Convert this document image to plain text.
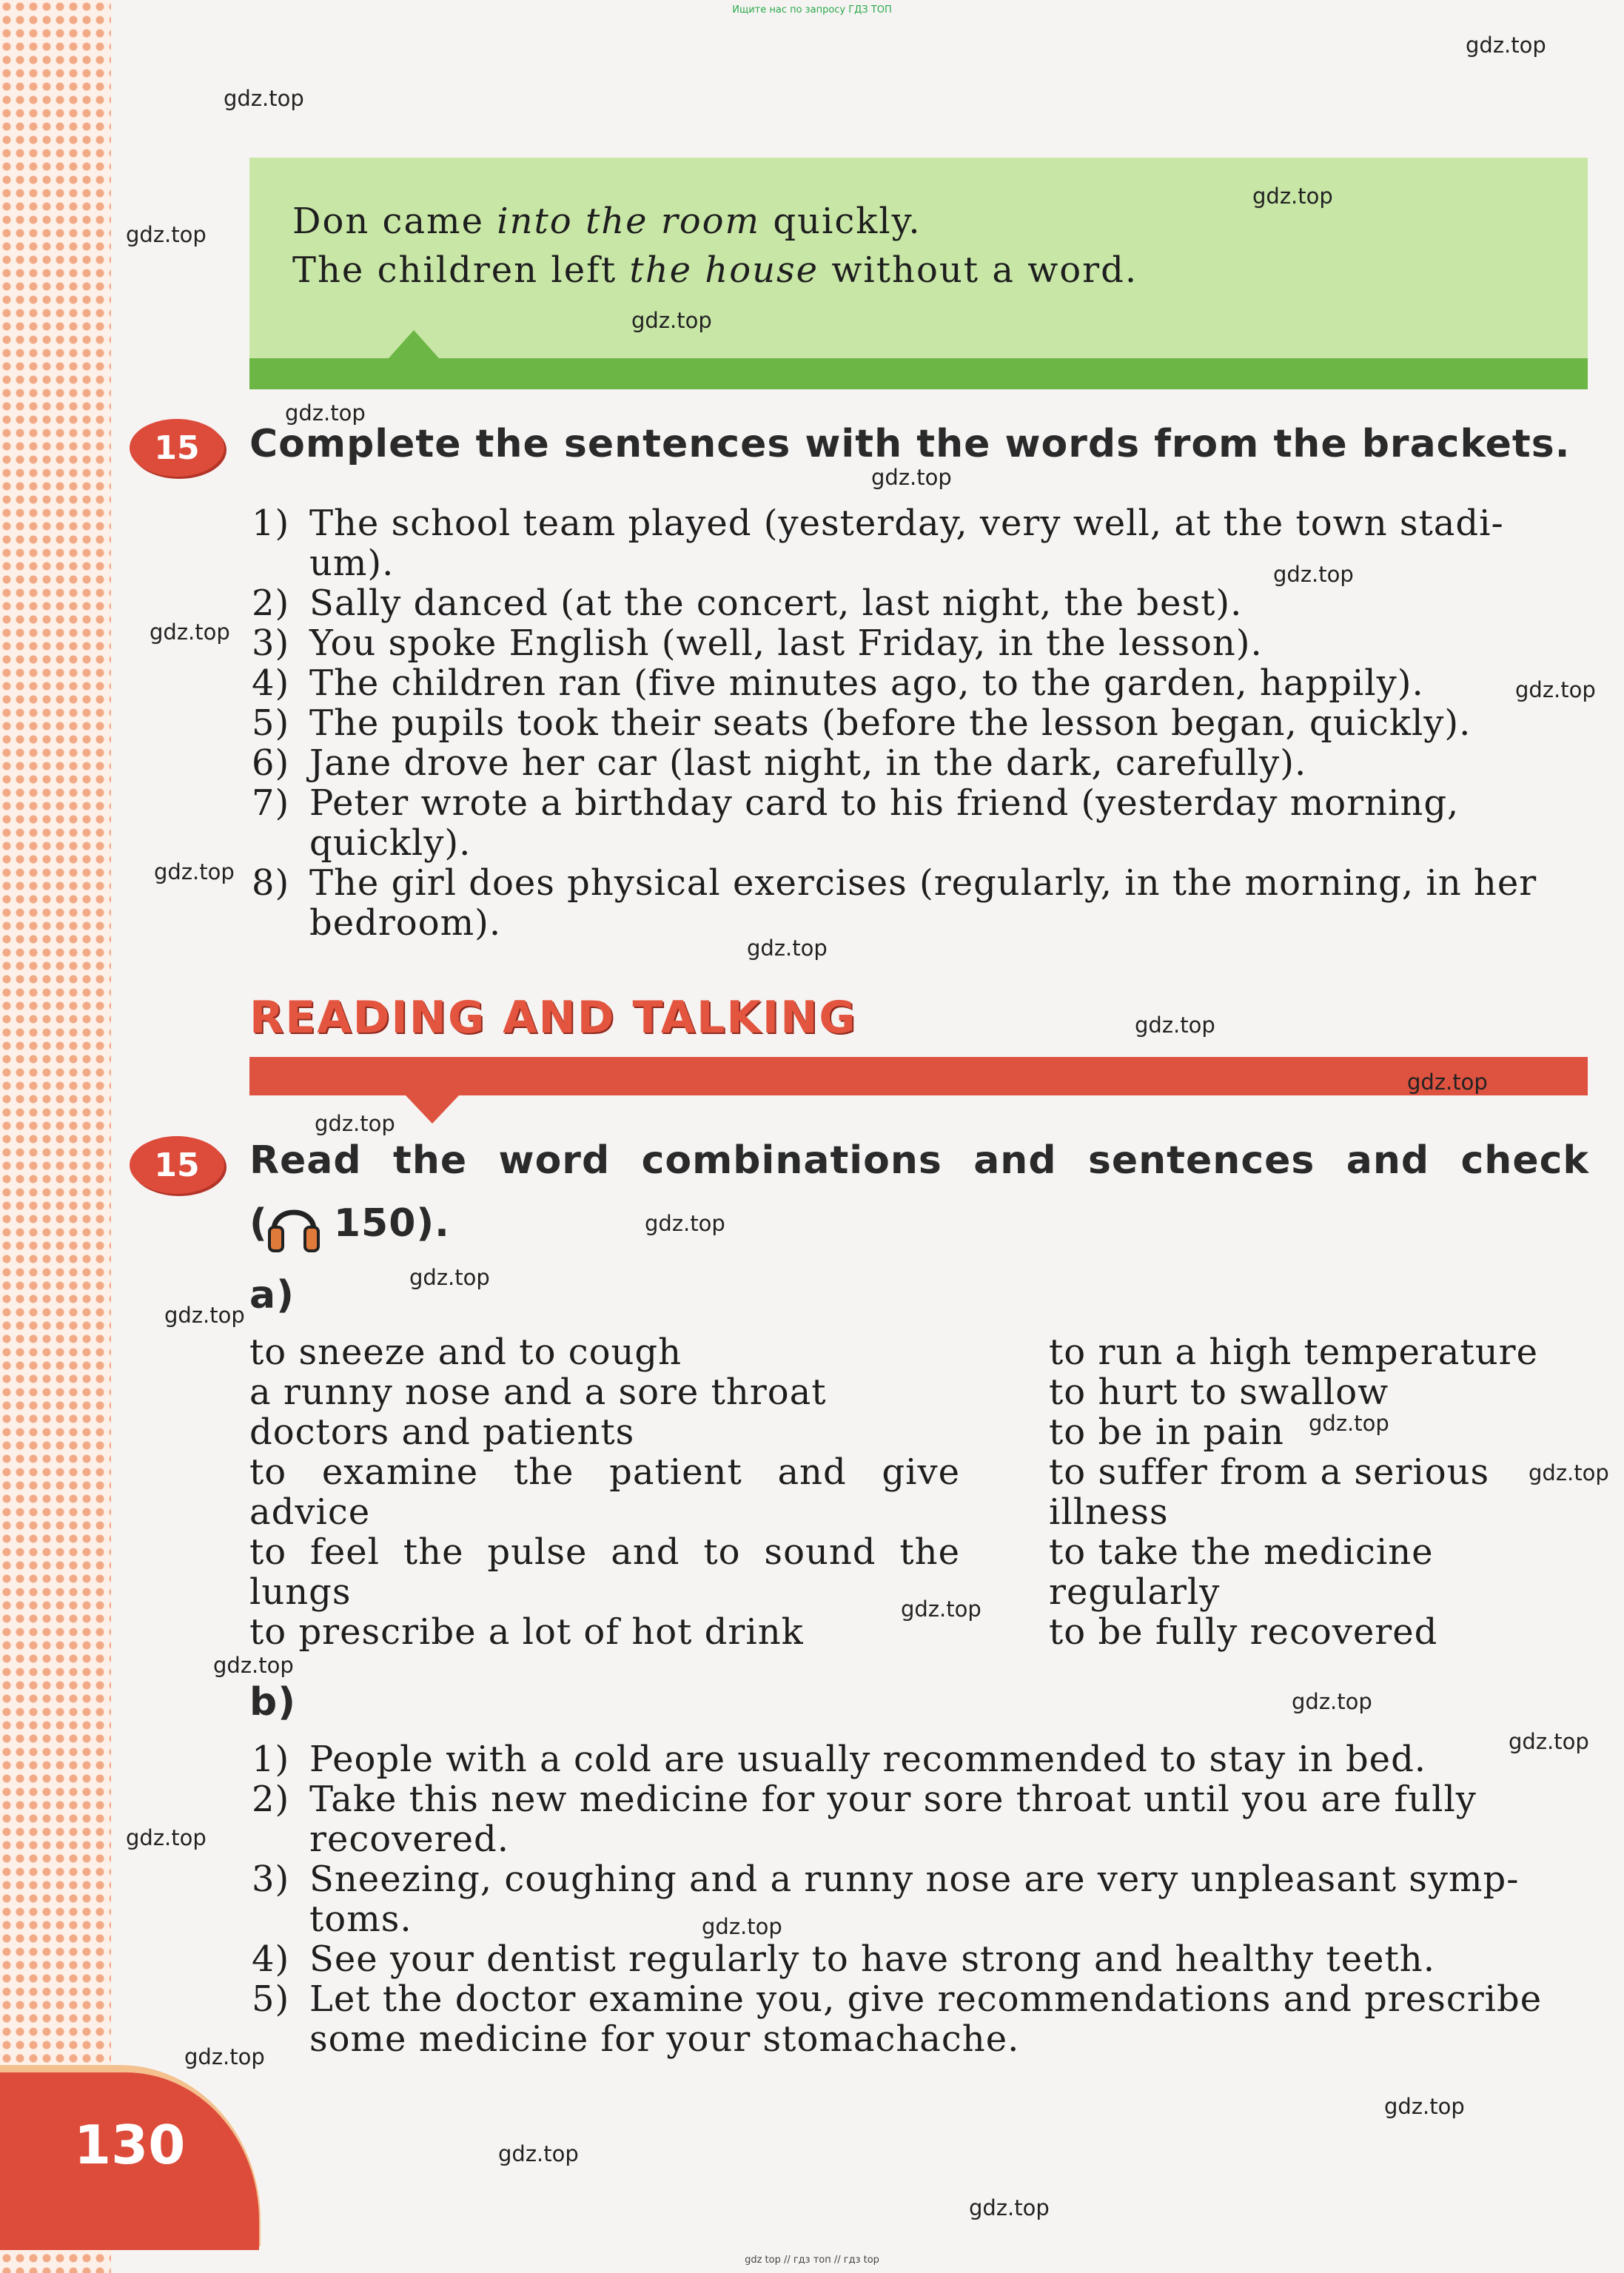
Ищите нас по запросу ГДЗ ТОП
Don came into the room quickly.
The children left the house without a word.
15	Complete the sentences with the words from the brackets.
1) The school team played (yesterday, very well, at the town stadi-
um).
2) Sally danced (at the concert, last night, the best).
3) You spoke English (well, last Friday, in the lesson).
4) The children ran (five minutes ago, to the garden, happily).
5) The pupils took their seats (before the lesson began, quickly).
6) Jane drove her car (last night, in the dark, carefully).
7) Peter wrote a birthday card to his friend (yesterday morning,
quickly).
8) The girl does physical exercises (regularly, in the morning, in her
bedroom).
READING AND TALKING
15	Read the word combinations and sentences and check
( 150).
a)
to sneeze and to cough
a runny nose and a sore throat
doctors and patients
to examine the patient and give
advice
to feel the pulse and to sound the
lungs
to prescribe a lot of hot drink
to run a high temperature
to hurt to swallow
to be in pain
to suffer from a serious
illness
to take the medicine
regularly
to be fully recovered
b)
1) People with a cold are usually recommended to stay in bed.
2) Take this new medicine for your sore throat until you are fully
recovered.
3) Sneezing, coughing and a runny nose are very unpleasant symp-
toms.
4) See your dentist regularly to have strong and healthy teeth.
5) Let the doctor examine you, give recommendations and prescribe
some medicine for your stomachache.
130
gdz.top
gdz.top
gdz.top
gdz.top
gdz.top
gdz.top
gdz.top
gdz.top
gdz.top
gdz.top
gdz.top
gdz.top
gdz.top
gdz.top
gdz.top
gdz.top
gdz.top
gdz.top
gdz.top
gdz.top
gdz.top
gdz.top
gdz.top
gdz.top
gdz.top
gdz.top
gdz.top
gdz.top
gdz.top
gdz.top
gdz top // гдз топ // гдз top
